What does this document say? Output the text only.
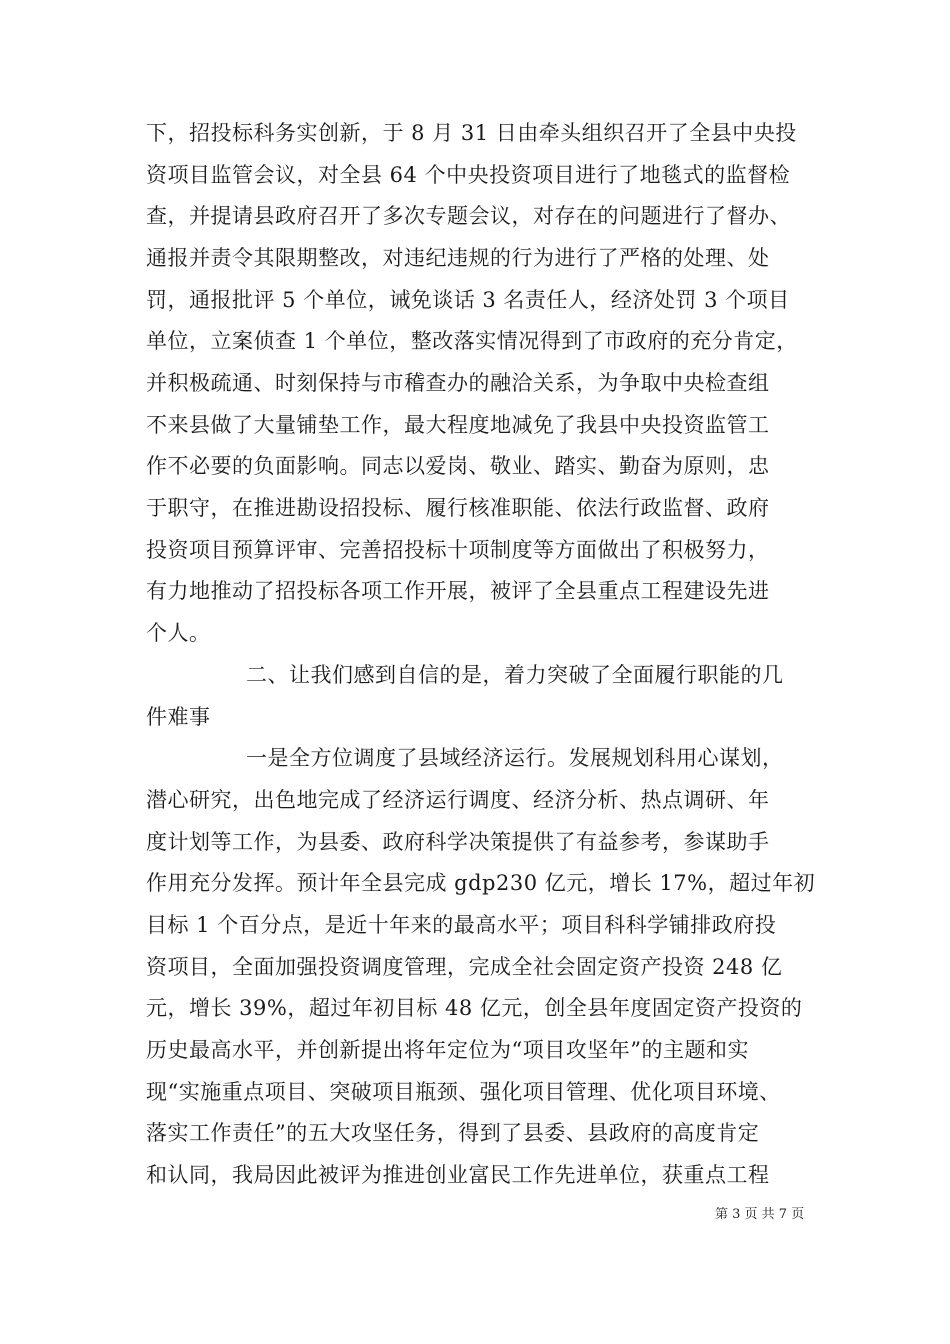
下，招投标科务实创新，于 8 月 31 日由牵头组织召开了全县中央投
资项目监管会议，对全县 64 个中央投资项目进行了地毯式的监督检
查，并提请县政府召开了多次专题会议，对存在的问题进行了督办、
通报并责令其限期整改，对违纪违规的行为进行了严格的处理、处
罚，通报批评 5 个单位，诫免谈话 3 名责任人，经济处罚 3 个项目
单位，立案侦查 1 个单位，整改落实情况得到了市政府的充分肯定，
并积极疏通、时刻保持与市稽查办的融洽关系，为争取中央检查组
不来县做了大量铺垫工作，最大程度地减免了我县中央投资监管工
作不必要的负面影响。同志以爱岗、敬业、踏实、勤奋为原则，忠
于职守，在推进勘设招投标、履行核准职能、依法行政监督、政府
投资项目预算评审、完善招投标十项制度等方面做出了积极努力，
有力地推动了招投标各项工作开展，被评了全县重点工程建设先进
个人。
二、让我们感到自信的是，着力突破了全面履行职能的几
件难事
一是全方位调度了县域经济运行。发展规划科用心谋划，
潜心研究，出色地完成了经济运行调度、经济分析、热点调研、年
度计划等工作，为县委、政府科学决策提供了有益参考，参谋助手
作用充分发挥。预计年全县完成 gdp230 亿元，增长 17%，超过年初
目标 1 个百分点，是近十年来的最高水平；项目科科学铺排政府投
资项目，全面加强投资调度管理，完成全社会固定资产投资 248 亿
元，增长 39%，超过年初目标 48 亿元，创全县年度固定资产投资的
历史最高水平，并创新提出将年定位为“项目攻坚年”的主题和实
现“实施重点项目、突破项目瓶颈、强化项目管理、优化项目环境、
落实工作责任”的五大攻坚任务，得到了县委、县政府的高度肯定
和认同，我局因此被评为推进创业富民工作先进单位，获重点工程
第 3 页 共 7 页
